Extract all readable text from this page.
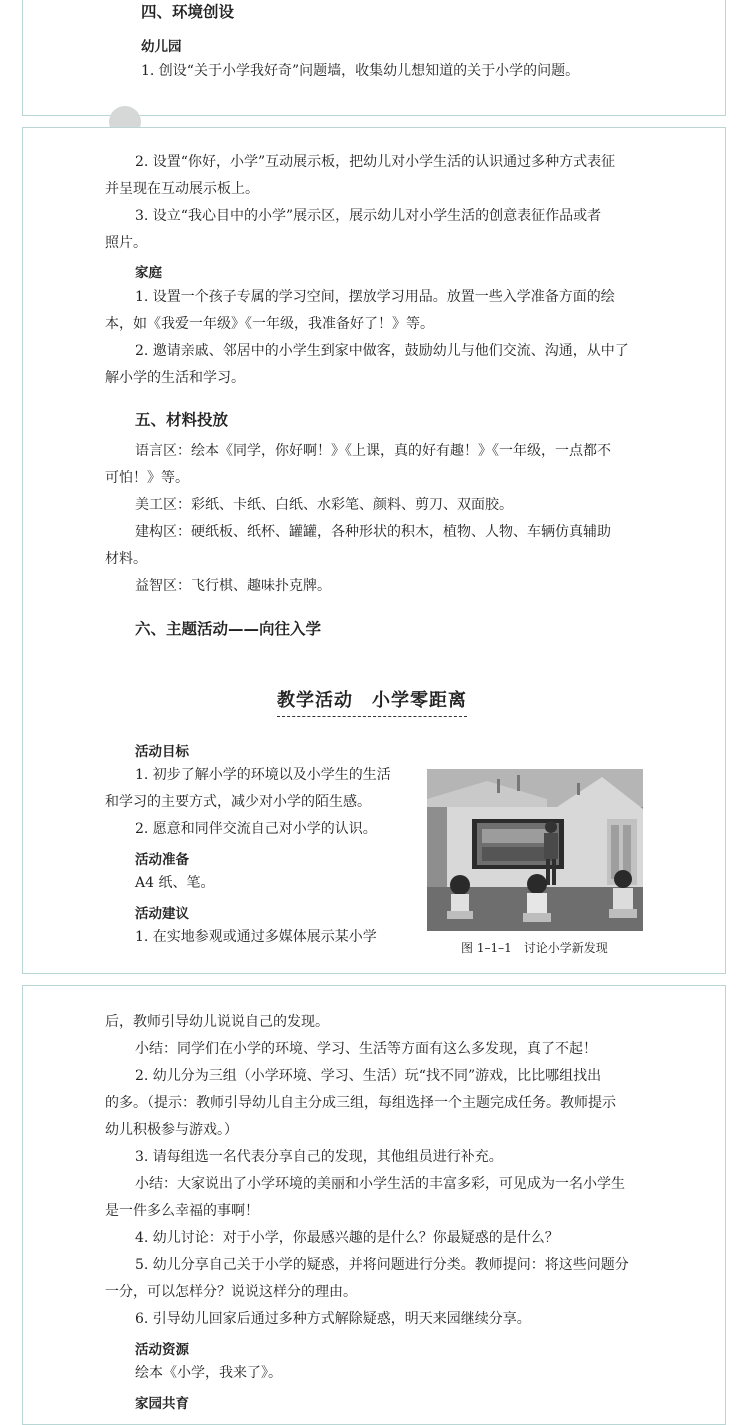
四、环境创设
幼儿园
1. 创设“关于小学我好奇”问题墙，收集幼儿想知道的关于小学的问题。
2. 设置“你好，小学”互动展示板，把幼儿对小学生活的认识通过多种方式表征
并呈现在互动展示板上。
3. 设立“我心目中的小学”展示区，展示幼儿对小学生活的创意表征作品或者
照片。
家庭
1. 设置一个孩子专属的学习空间，摆放学习用品。放置一些入学准备方面的绘
本，如《我爱一年级》《一年级，我准备好了！》等。
2. 邀请亲戚、邻居中的小学生到家中做客，鼓励幼儿与他们交流、沟通，从中了
解小学的生活和学习。
五、材料投放
语言区：绘本《同学，你好啊！》《上课，真的好有趣！》《一年级，一点都不
可怕！》等。
美工区：彩纸、卡纸、白纸、水彩笔、颜料、剪刀、双面胶。
建构区：硬纸板、纸杯、罐罐，各种形状的积木，植物、人物、车辆仿真辅助
材料。
益智区：飞行棋、趣味扑克牌。
六、主题活动——向往入学
教学活动　小学零距离
活动目标
1. 初步了解小学的环境以及小学生的生活
和学习的主要方式，减少对小学的陌生感。
2. 愿意和同伴交流自己对小学的认识。
活动准备
A4 纸、笔。
活动建议
1. 在实地参观或通过多媒体展示某小学
图 1–1–1　讨论小学新发现
后，教师引导幼儿说说自己的发现。
小结：同学们在小学的环境、学习、生活等方面有这么多发现，真了不起！
2. 幼儿分为三组（小学环境、学习、生活）玩“找不同”游戏，比比哪组找出
的多。（提示：教师引导幼儿自主分成三组，每组选择一个主题完成任务。教师提示
幼儿积极参与游戏。）
3. 请每组选一名代表分享自己的发现，其他组员进行补充。
小结：大家说出了小学环境的美丽和小学生活的丰富多彩，可见成为一名小学生
是一件多么幸福的事啊！
4. 幼儿讨论：对于小学，你最感兴趣的是什么？你最疑惑的是什么？
5. 幼儿分享自己关于小学的疑惑，并将问题进行分类。教师提问：将这些问题分
一分，可以怎样分？说说这样分的理由。
6. 引导幼儿回家后通过多种方式解除疑惑，明天来园继续分享。
活动资源
绘本《小学，我来了》。
家园共育
